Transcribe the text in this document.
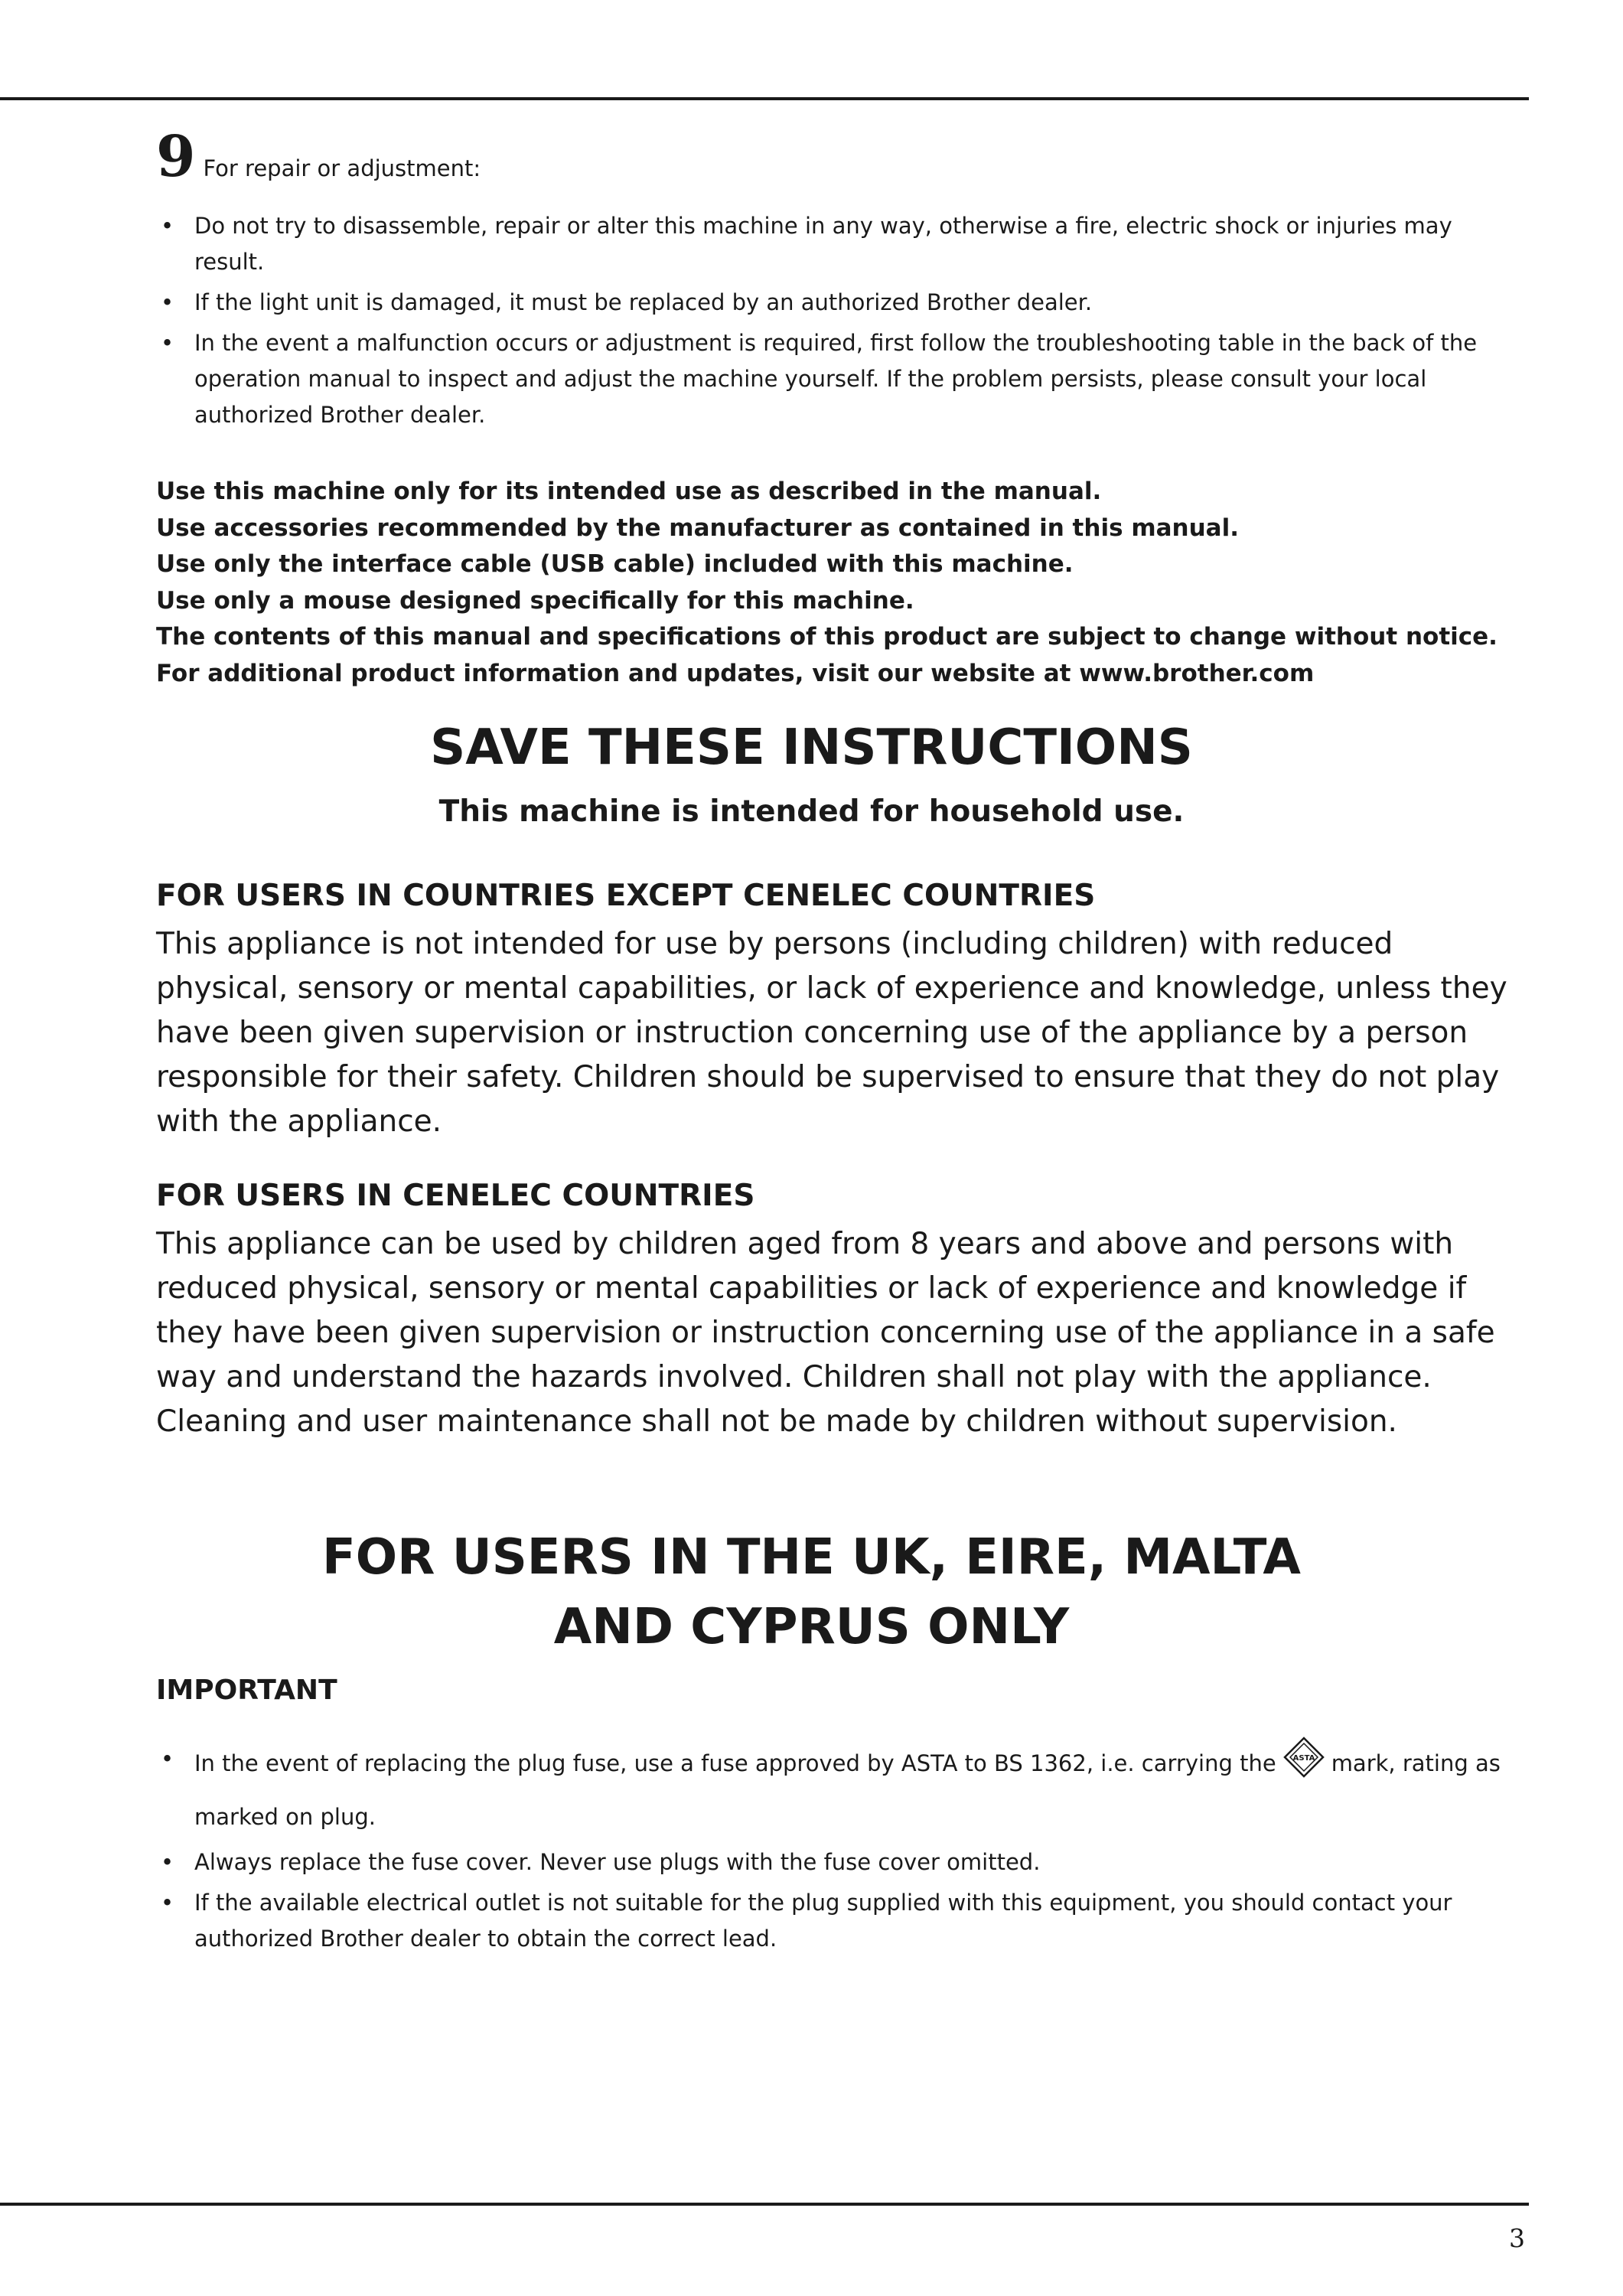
9 For repair or adjustment:
• Do not try to disassemble, repair or alter this machine in any way, otherwise a fire, electric shock or injuries may result.
• If the light unit is damaged, it must be replaced by an authorized Brother dealer.
• In the event a malfunction occurs or adjustment is required, first follow the troubleshooting table in the back of the operation manual to inspect and adjust the machine yourself. If the problem persists, please consult your local authorized Brother dealer.
Use this machine only for its intended use as described in the manual.
Use accessories recommended by the manufacturer as contained in this manual.
Use only the interface cable (USB cable) included with this machine.
Use only a mouse designed specifically for this machine.
The contents of this manual and specifications of this product are subject to change without notice.
For additional product information and updates, visit our website at www.brother.com
SAVE THESE INSTRUCTIONS
This machine is intended for household use.
FOR USERS IN COUNTRIES EXCEPT CENELEC COUNTRIES
This appliance is not intended for use by persons (including children) with reduced physical, sensory or mental capabilities, or lack of experience and knowledge, unless they have been given supervision or instruction concerning use of the appliance by a person responsible for their safety. Children should be supervised to ensure that they do not play with the appliance.
FOR USERS IN CENELEC COUNTRIES
This appliance can be used by children aged from 8 years and above and persons with reduced physical, sensory or mental capabilities or lack of experience and knowledge if they have been given supervision or instruction concerning use of the appliance in a safe way and understand the hazards involved. Children shall not play with the appliance. Cleaning and user maintenance shall not be made by children without supervision.
FOR USERS IN THE UK, EIRE, MALTA
AND CYPRUS ONLY
IMPORTANT
• In the event of replacing the plug fuse, use a fuse approved by ASTA to BS 1362, i.e. carrying the ASTA mark, rating as marked on plug.
• Always replace the fuse cover. Never use plugs with the fuse cover omitted.
• If the available electrical outlet is not suitable for the plug supplied with this equipment, you should contact your authorized Brother dealer to obtain the correct lead.
3
